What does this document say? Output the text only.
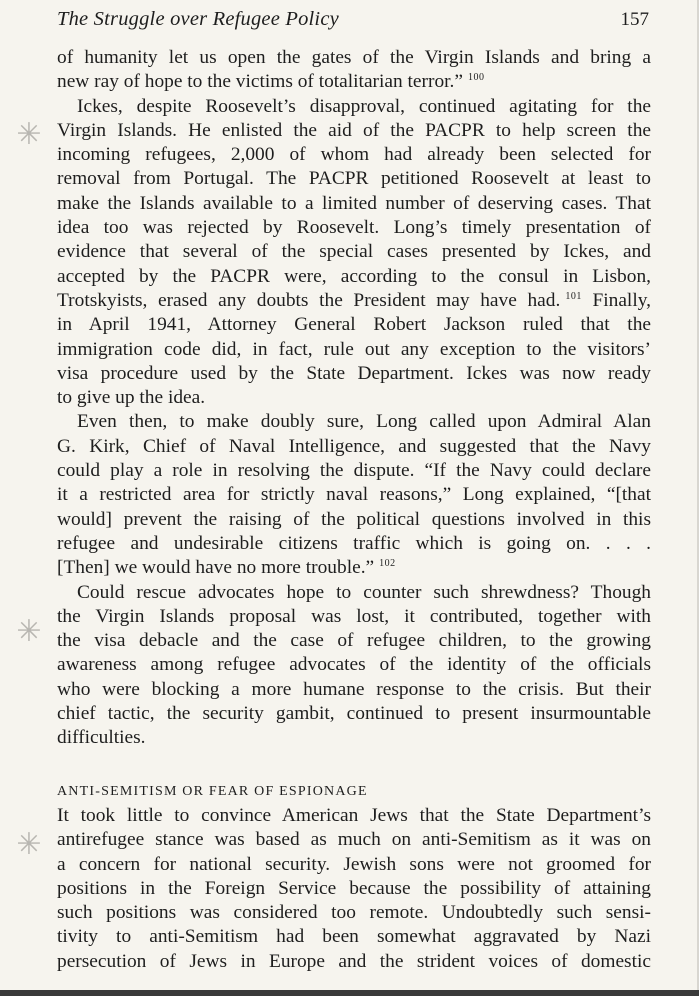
The Struggle over Refugee Policy	157
✳
✳
✳

of humanity let us open the gates of the Virgin Islands and bring a

new ray of hope to the victims of totalitarian terror.” $^{100}$

Ickes, despite Roosevelt’s disapproval, continued agitating for the

Virgin Islands. He enlisted the aid of the PACPR to help screen the

incoming refugees, 2,000 of whom had already been selected for

removal from Portugal. The PACPR petitioned Roosevelt at least to

make the Islands available to a limited number of deserving cases. That

idea too was rejected by Roosevelt. Long’s timely presentation of

evidence that several of the special cases presented by Ickes, and

accepted by the PACPR were, according to the consul in Lisbon,

Trotskyists, erased any doubts the President may have had. $^{101}$ Finally,

in April 1941, Attorney General Robert Jackson ruled that the

immigration code did, in fact, rule out any exception to the visitors’

visa procedure used by the State Department. Ickes was now ready

to give up the idea.

Even then, to make doubly sure, Long called upon Admiral Alan

G. Kirk, Chief of Naval Intelligence, and suggested that the Navy

could play a role in resolving the dispute. “If the Navy could declare

it a restricted area for strictly naval reasons,” Long explained, “[that

would] prevent the raising of the political questions involved in this

refugee and undesirable citizens traffic which is going on. . . .

[Then] we would have no more trouble.” $^{102}$

Could rescue advocates hope to counter such shrewdness? Though

the Virgin Islands proposal was lost, it contributed, together with

the visa debacle and the case of refugee children, to the growing

awareness among refugee advocates of the identity of the officials

who were blocking a more humane response to the crisis. But their

chief tactic, the security gambit, continued to present insurmountable

difficulties.

ANTI-SEMITISM OR FEAR OF ESPIONAGE

It took little to convince American Jews that the State Department’s

antirefugee stance was based as much on anti-Semitism as it was on

a concern for national security. Jewish sons were not groomed for

positions in the Foreign Service because the possibility of attaining

such positions was considered too remote. Undoubtedly such sensi-

tivity to anti-Semitism had been somewhat aggravated by Nazi

persecution of Jews in Europe and the strident voices of domestic
